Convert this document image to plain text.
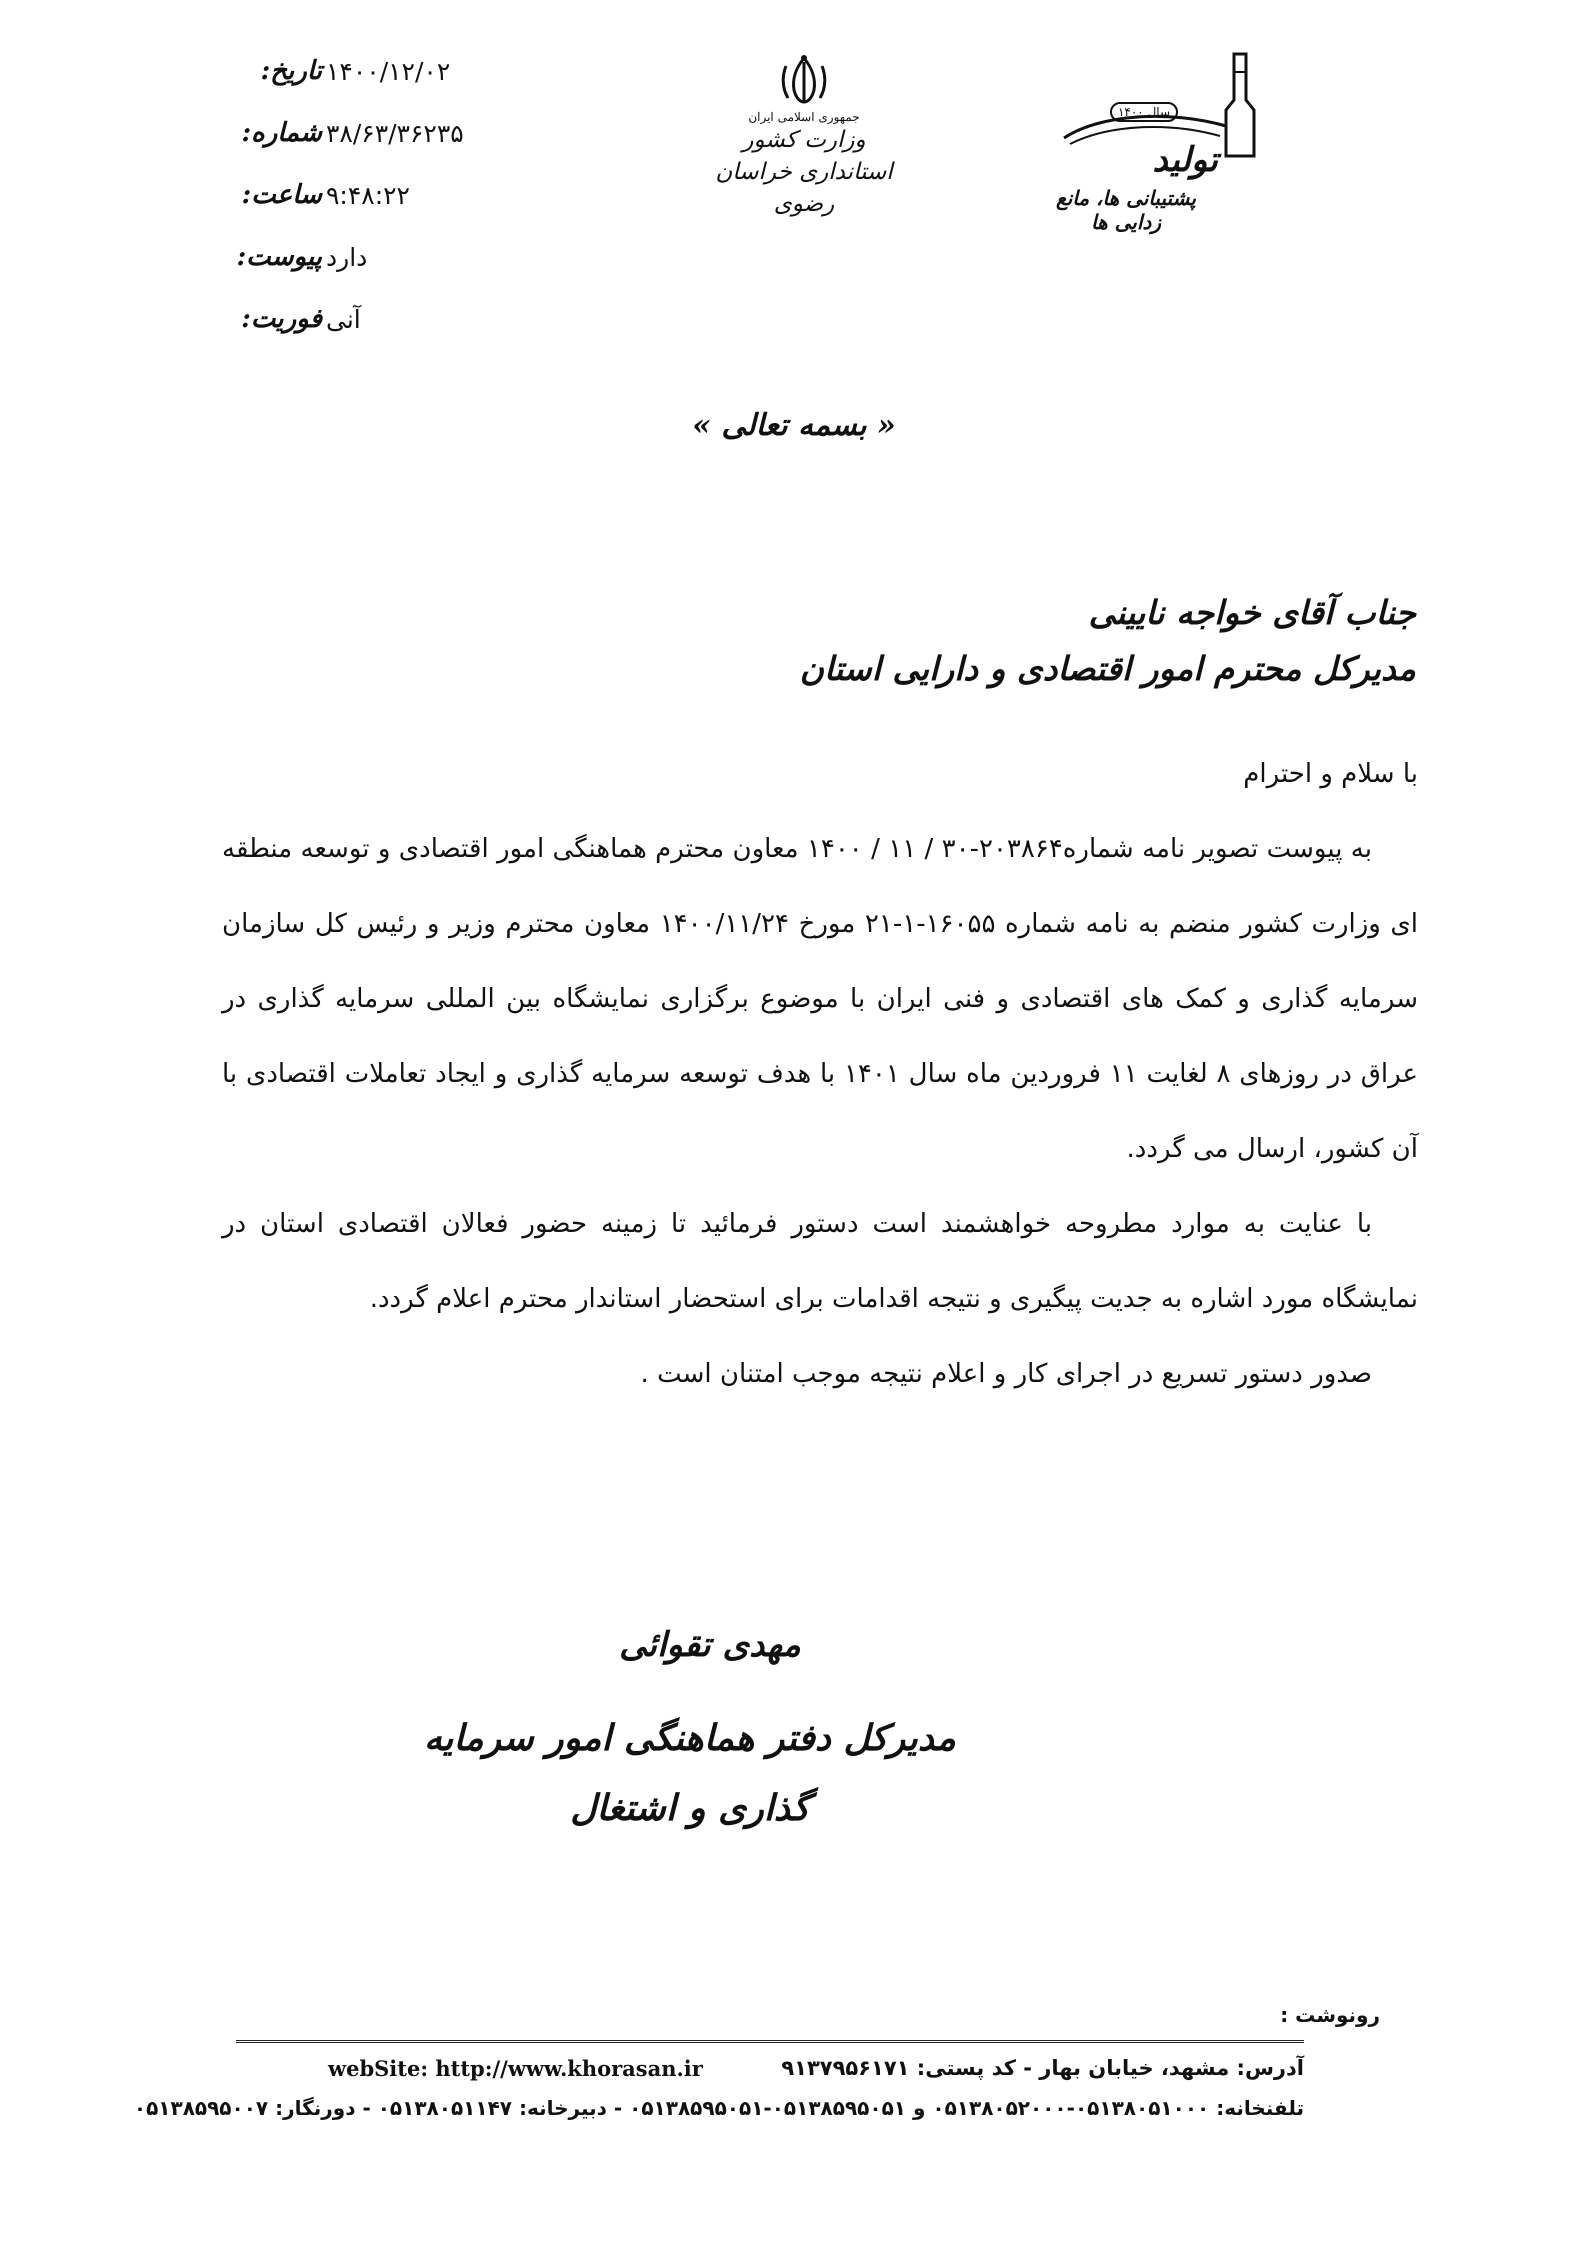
تاریخ: ۱۴۰۰/۱۲/۰۲
شماره: ۳۸/۶۳/۳۶۲۳۵
ساعت: ۹:۴۸:۲۲
پیوست: دارد
فوریت: آنی
جمهوری اسلامی ایران
وزارت کشور
استانداری خراسان رضوی
سال ۱۴۰۰
تولید
پشتیبانی ها، مانع زدایی ها
« بسمه تعالی »
جناب آقای خواجه نایینی
مدیرکل محترم امور اقتصادی و دارایی استان

با سلام و احترام

به پیوست تصویر نامه شماره۲۰۳۸۶۴-۳۰ / ۱۱ / ۱۴۰۰ معاون محترم هماهنگی امور اقتصادی و توسعه منطقه ای وزارت کشور منضم به نامه شماره ۱۶۰۵۵-۱-۲۱ مورخ ۱۴۰۰/۱۱/۲۴ معاون محترم وزیر و رئیس کل سازمان سرمایه گذاری و کمک های اقتصادی و فنی ایران با موضوع برگزاری نمایشگاه بین المللی سرمایه گذاری در عراق در روزهای ۸ لغایت ۱۱ فروردین ماه سال ۱۴۰۱ با هدف توسعه سرمایه گذاری و ایجاد تعاملات اقتصادی با آن کشور، ارسال می گردد.

با عنایت به موارد مطروحه خواهشمند است دستور فرمائید تا زمینه حضور فعالان اقتصادی استان در نمایشگاه مورد اشاره به جدیت پیگیری و نتیجه اقدامات برای استحضار استاندار محترم اعلام گردد.

صدور دستور تسریع در اجرای کار و اعلام نتیجه موجب امتنان است .

مهدی تقوائی
مدیرکل دفتر هماهنگی امور سرمایه گذاری و اشتغال
رونوشت :
آدرس: مشهد، خیابان بهار - کد پستی: ۹۱۳۷۹۵۶۱۷۱
webSite: http://www.khorasan.ir
تلفنخانه: ۰۵۱۳۸۰۵۱۰۰۰-۰۵۱۳۸۰۵۲۰۰۰ و ۰۵۱۳۸۵۹۵۰۵۱-۰۵۱۳۸۵۹۵۰۵۱ - دبیرخانه: ۰۵۱۳۸۰۵۱۱۴۷ - دورنگار: ۰۵۱۳۸۵۹۵۰۰۷
